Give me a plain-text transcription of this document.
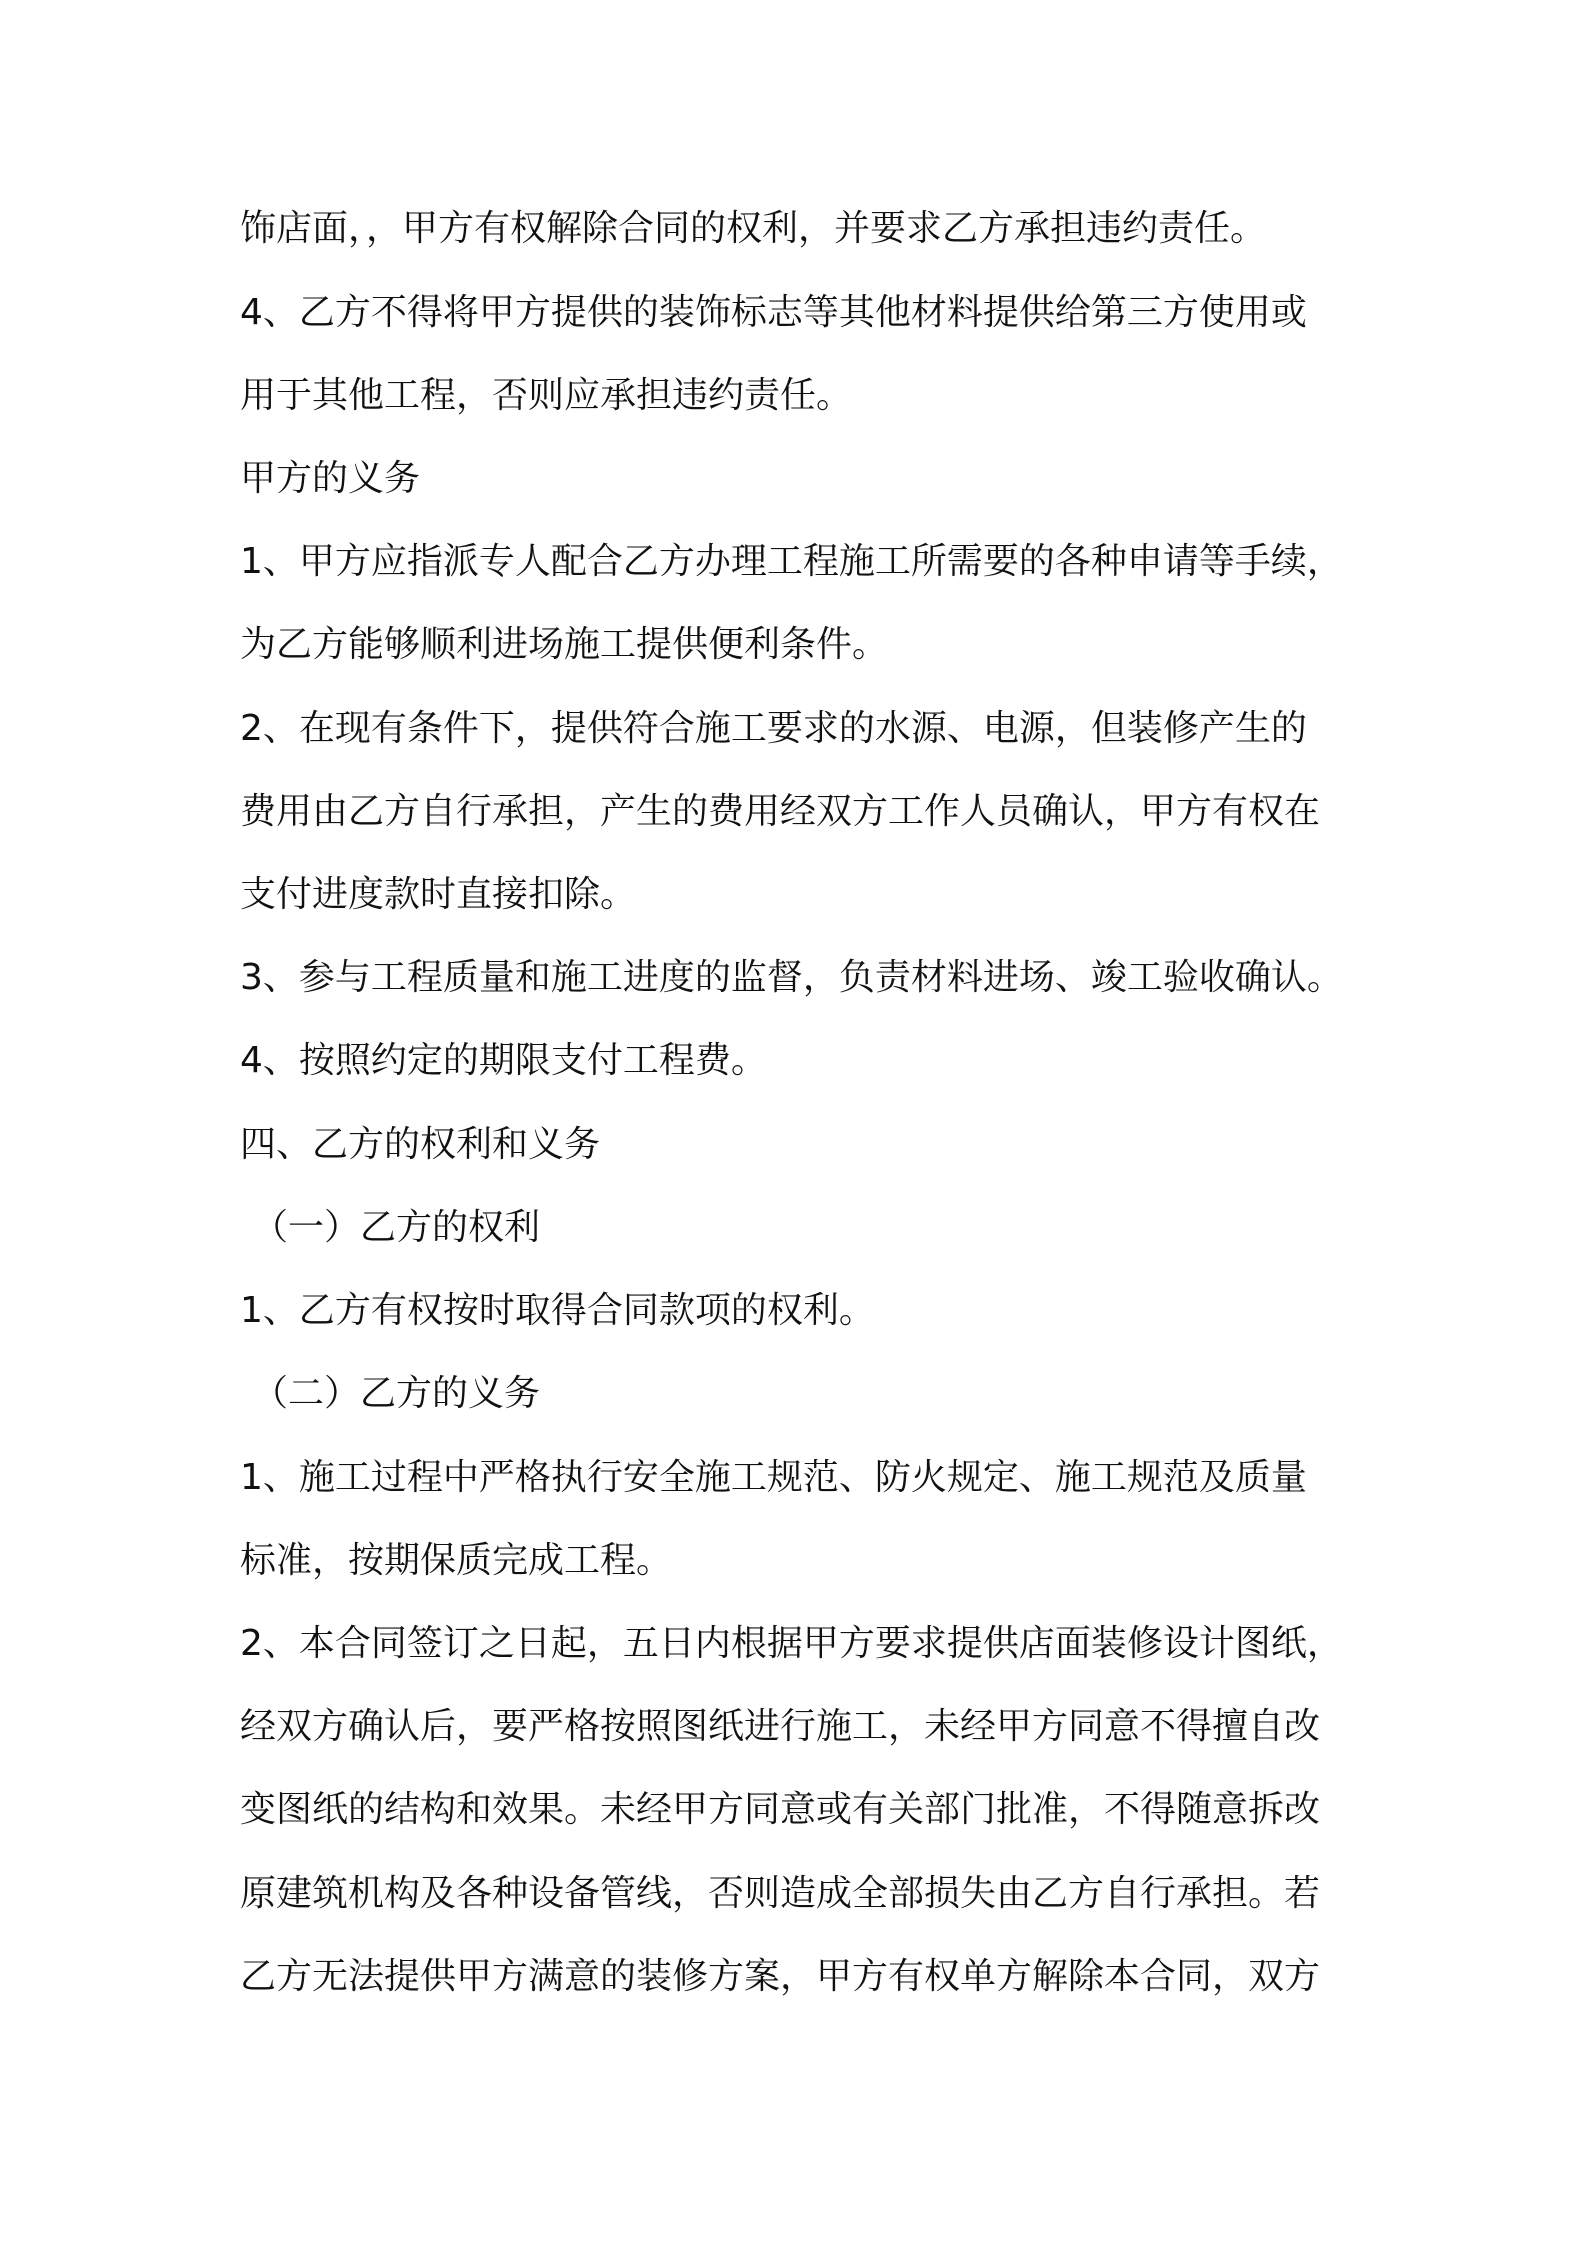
饰店面，，甲方有权解除合同的权利，并要求乙方承担违约责任。
4、乙方不得将甲方提供的装饰标志等其他材料提供给第三方使用或
用于其他工程，否则应承担违约责任。
甲方的义务
1、甲方应指派专人配合乙方办理工程施工所需要的各种申请等手续，
为乙方能够顺利进场施工提供便利条件。
2、在现有条件下，提供符合施工要求的水源、电源，但装修产生的
费用由乙方自行承担，产生的费用经双方工作人员确认，甲方有权在
支付进度款时直接扣除。
3、参与工程质量和施工进度的监督，负责材料进场、竣工验收确认。
4、按照约定的期限支付工程费。
四、乙方的权利和义务
（一）乙方的权利
1、乙方有权按时取得合同款项的权利。
（二）乙方的义务
1、施工过程中严格执行安全施工规范、防火规定、施工规范及质量
标准，按期保质完成工程。
2、本合同签订之日起，五日内根据甲方要求提供店面装修设计图纸，
经双方确认后，要严格按照图纸进行施工，未经甲方同意不得擅自改
变图纸的结构和效果。未经甲方同意或有关部门批准，不得随意拆改
原建筑机构及各种设备管线，否则造成全部损失由乙方自行承担。若
乙方无法提供甲方满意的装修方案，甲方有权单方解除本合同，双方
